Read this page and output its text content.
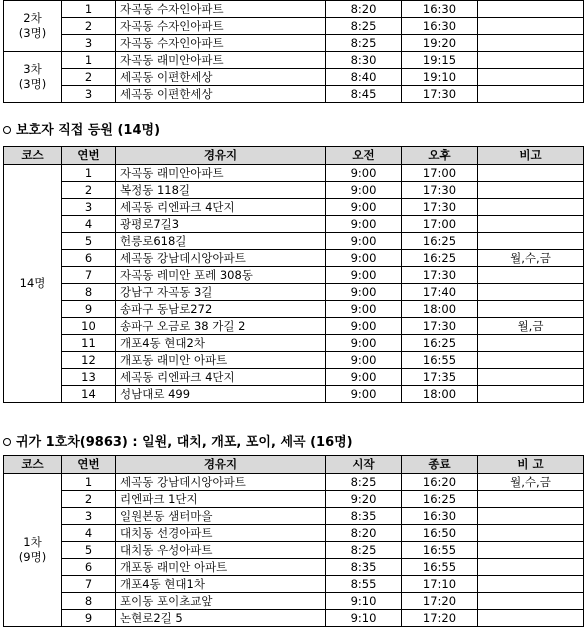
2차
(3명)	1	자곡동 수자인아파트	8:20	16:30	
	2	자곡동 수자인아파트	8:25	16:30	
	3	자곡동 수자인아파트	8:25	19:20	
3차
(3명)	1	자곡동 래미안아파트	8:30	19:15	
	2	세곡동 이편한세상	8:40	19:10	
	3	세곡동 이편한세상	8:45	17:30	
보호자 직접 등원 (14명)
코스	연번	경유지	오전	오후	비고
14명	1	자곡동 래미안아파트	9:00	17:00	
	2	복정동 118길	9:00	17:30	
	3	세곡동 리엔파크 4단지	9:00	17:30	
	4	광평로7길3	9:00	17:00	
	5	헌릉로618길	9:00	16:25	
	6	세곡동 강남데시앙아파트	9:00	16:25	월,수,금
	7	자곡동 레미안 포레 308동	9:00	17:30	
	8	강남구 자곡동 3길	9:00	17:40	
	9	송파구 동남로272	9:00	18:00	
	10	송파구 오금로 38 가길 2	9:00	17:30	월,금
	11	개포4동 현대2차	9:00	16:25	
	12	개포동 래미안 아파트	9:00	16:55	
	13	세곡동 리엔파크 4단지	9:00	17:35	
	14	성남대로 499	9:00	18:00	
귀가 1호차(9863) : 일원, 대치, 개포, 포이, 세곡 (16명)
코스	연번	경유지	시작	종료	비 고
1차
(9명)	1	세곡동 강남데시앙아파트	8:25	16:20	월,수,금
	2	리엔파크 1단지	9:20	16:25	
	3	일원본동 샘터마을	8:35	16:30	
	4	대치동 선경아파트	8:20	16:50	
	5	대치동 우성아파트	8:25	16:55	
	6	개포동 래미안 아파트	8:35	16:55	
	7	개포4동 현대1차	8:55	17:10	
	8	포이동 포이초교앞	9:10	17:20	
	9	논현로2길 5	9:10	17:20	
